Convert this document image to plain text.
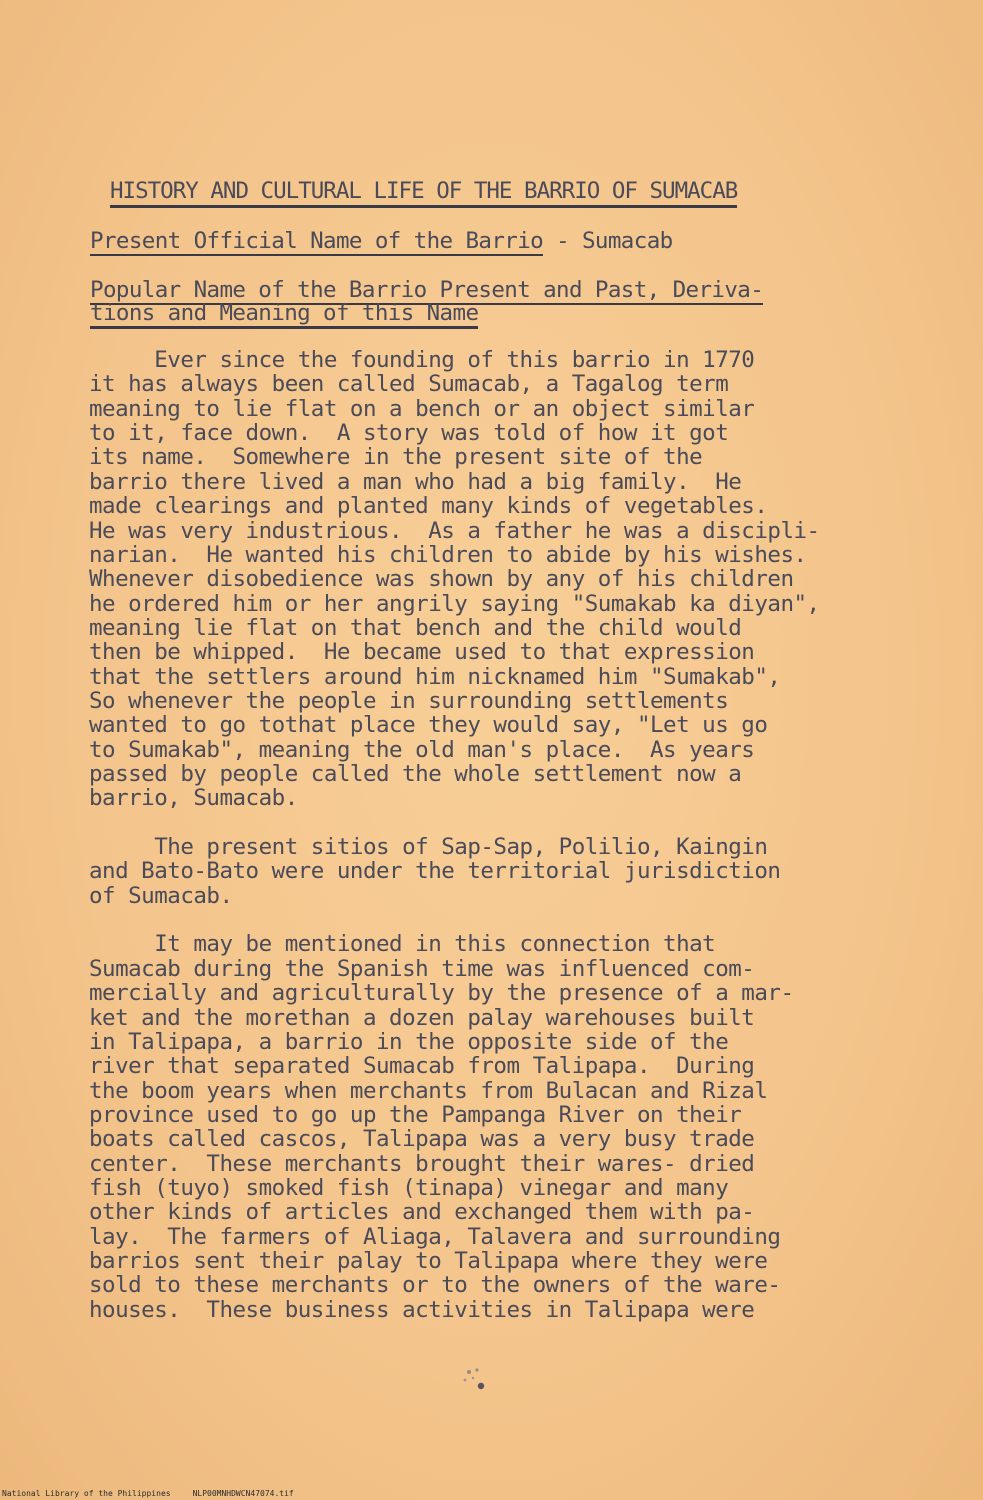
HISTORY AND CULTURAL LIFE OF THE BARRIO OF SUMACAB
Present Official Name of the Barrio - Sumacab
Popular Name of the Barrio Present and Past, Deriva-
tions and Meaning of this Name
Ever since the founding of this barrio in 1770
it has always been called Sumacab, a Tagalog term
meaning to lie flat on a bench or an object similar
to it, face down.  A story was told of how it got
its name.  Somewhere in the present site of the
barrio there lived a man who had a big family.  He
made clearings and planted many kinds of vegetables.
He was very industrious.  As a father he was a discipli-
narian.  He wanted his children to abide by his wishes.
Whenever disobedience was shown by any of his children
he ordered him or her angrily saying "Sumakab ka diyan",
meaning lie flat on that bench and the child would
then be whipped.  He became used to that expression
that the settlers around him nicknamed him "Sumakab",
So whenever the people in surrounding settlements
wanted to go tothat place they would say, "Let us go
to Sumakab", meaning the old man's place.  As years
passed by people called the whole settlement now a
barrio, Sumacab.
The present sitios of Sap-Sap, Polilio, Kaingin
and Bato-Bato were under the territorial jurisdiction
of Sumacab.
It may be mentioned in this connection that
Sumacab during the Spanish time was influenced com-
mercially and agriculturally by the presence of a mar-
ket and the morethan a dozen palay warehouses built
in Talipapa, a barrio in the opposite side of the
river that separated Sumacab from Talipapa.  During
the boom years when merchants from Bulacan and Rizal
province used to go up the Pampanga River on their
boats called cascos, Talipapa was a very busy trade
center.  These merchants brought their wares- dried
fish (tuyo) smoked fish (tinapa) vinegar and many
other kinds of articles and exchanged them with pa-
lay.  The farmers of Aliaga, Talavera and surrounding
barrios sent their palay to Talipapa where they were
sold to these merchants or to the owners of the ware-
houses.  These business activities in Talipapa were
National Library of the Philippines	NLP00MNHDWCN47074.tif
